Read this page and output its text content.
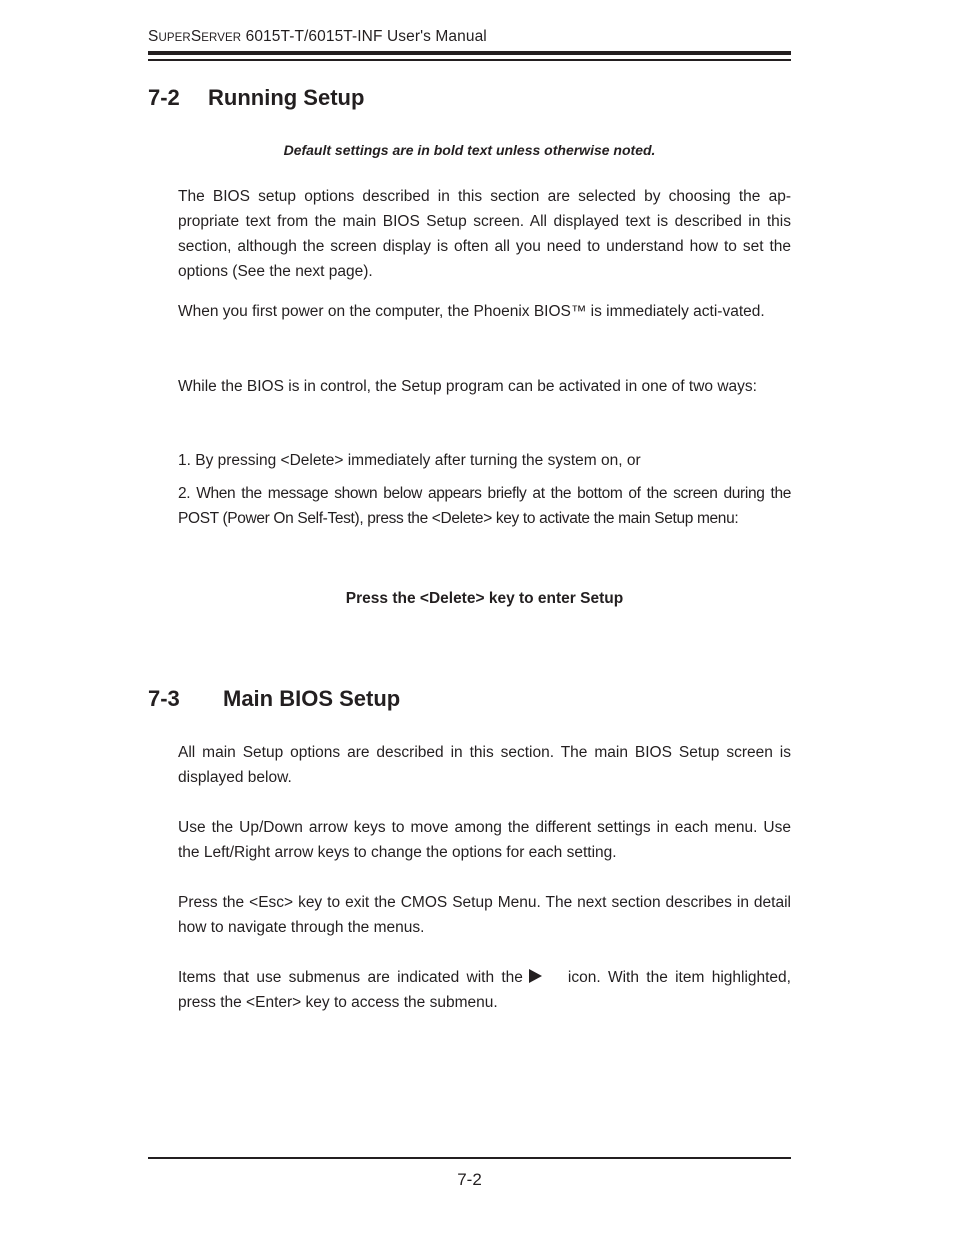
SUPERSERVER 6015T-T/6015T-INF User's Manual
7-2 Running Setup
Default settings are in bold text unless otherwise noted.

The BIOS setup options described in this section are selected by choosing the ap-propriate text from the main BIOS Setup screen. All displayed text is described in this section, although the screen display is often all you need to understand how to set the options (See the next page).

When you first power on the computer, the Phoenix BIOS™ is immediately acti-vated.

While the BIOS is in control, the Setup program can be activated in one of two ways:

1. By pressing <Delete> immediately after turning the system on, or

2. When the message shown below appears briefly at the bottom of the screen during the POST (Power On Self-Test), press the <Delete> key to activate the main Setup menu:

Press the <Delete> key to enter Setup
7-3 Main BIOS Setup

All main Setup options are described in this section. The main BIOS Setup screen is displayed below.

Use the Up/Down arrow keys to move among the different settings in each menu. Use the Left/Right arrow keys to change the options for each setting.

Press the <Esc> key to exit the CMOS Setup Menu. The next section describes in detail how to navigate through the menus.

Items that use submenus are indicated with the	icon. With the item highlighted, press the <Enter> key to access the submenu.

7-2
